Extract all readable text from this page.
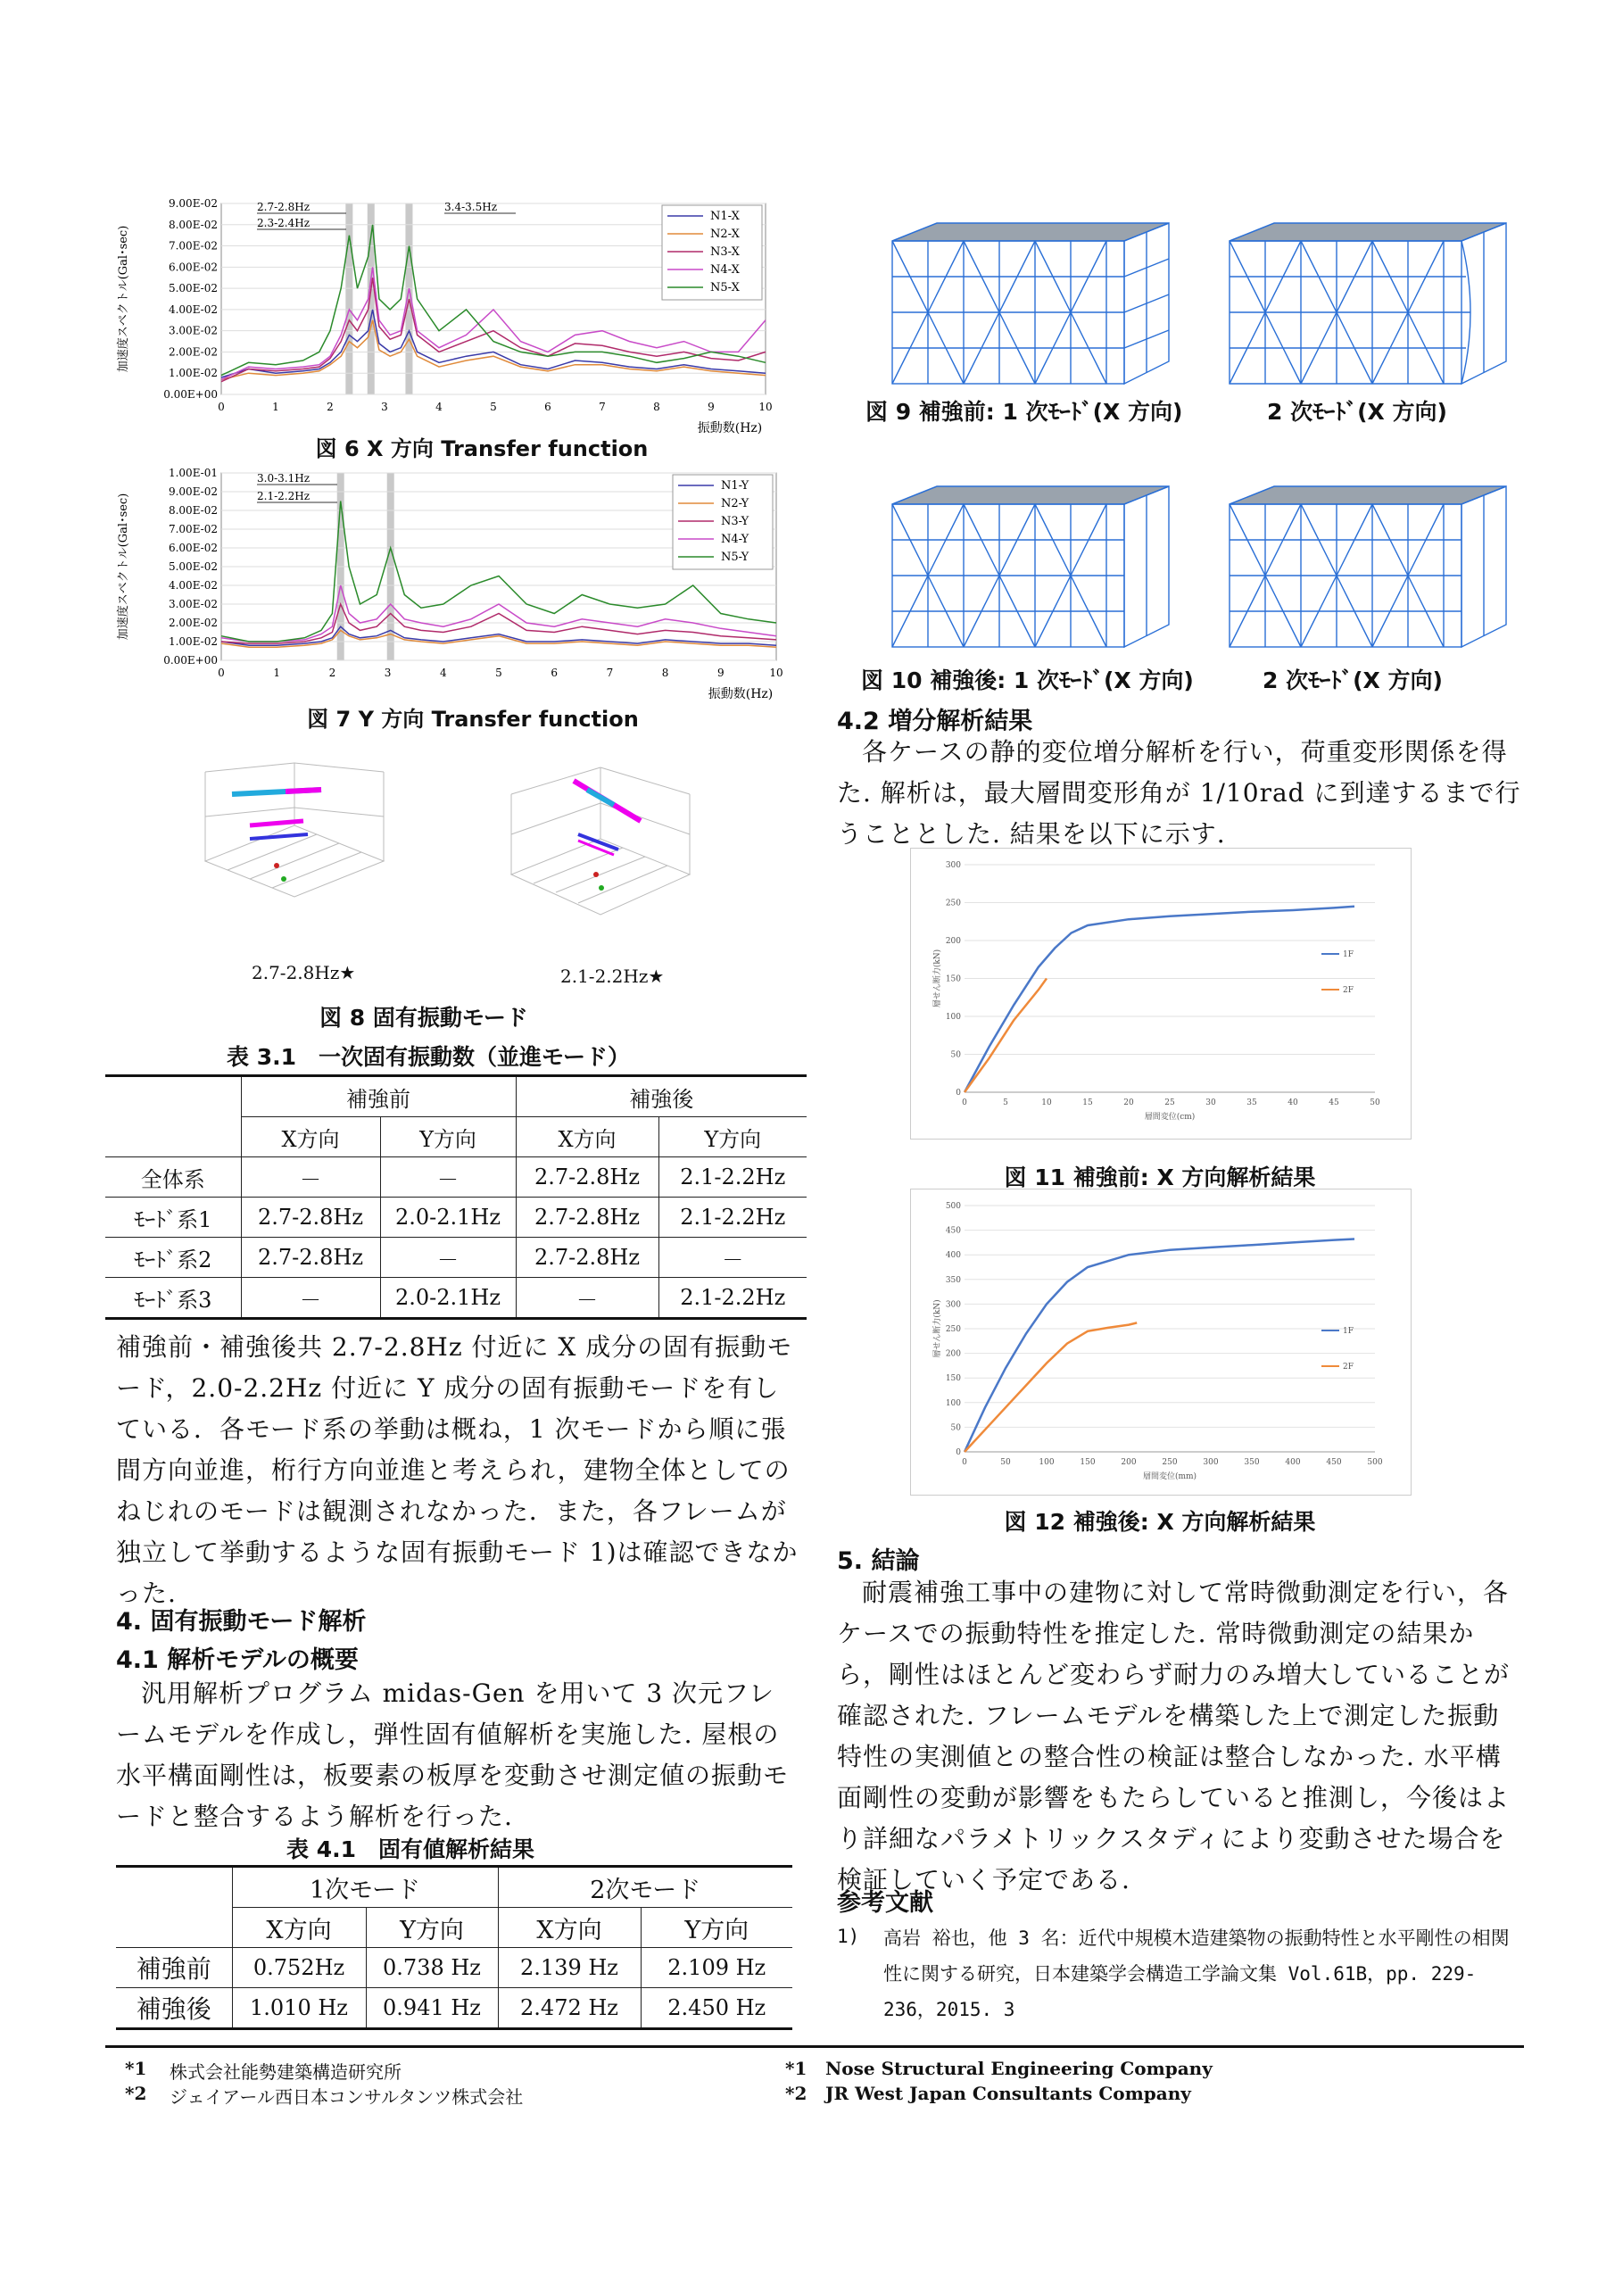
0.00E+00
1.00E-02
2.00E-02
3.00E-02
4.00E-02
5.00E-02
6.00E-02
7.00E-02
8.00E-02
9.00E-02
0	1	2	3	4	5	6	7	8	9	10
N1-X
N2-X
N3-X
N4-X
N5-X
2.7-2.8Hz
2.3-2.4Hz
3.4-3.5Hz
加速度スペクトル(Gal･sec)
振動数(Hz)
図 6 X 方向 Transfer function
0.00E+00
1.00E-02
2.00E-02
3.00E-02
4.00E-02
5.00E-02
6.00E-02
7.00E-02
8.00E-02
9.00E-02
1.00E-01
0	1	2	3	4	5	6	7	8	9	10
N1-Y
N2-Y
N3-Y
N4-Y
N5-Y
3.0-3.1Hz
2.1-2.2Hz
加速度スペクトル(Gal･sec)
振動数(Hz)
図 7 Y 方向 Transfer function
2.7-2.8Hz★	2.1-2.2Hz★
図 8 固有振動モード
表 3.1　一次固有振動数（並進モード）
	補強前		補強後	
	X方向	Y方向	X方向	Y方向
全体系	－	－	2.7-2.8Hz	2.1-2.2Hz
ﾓｰﾄﾞ系1	2.7-2.8Hz	2.0-2.1Hz	2.7-2.8Hz	2.1-2.2Hz
ﾓｰﾄﾞ系2	2.7-2.8Hz	－	2.7-2.8Hz	－
ﾓｰﾄﾞ系3	－	2.0-2.1Hz	－	2.1-2.2Hz
補強前・補強後共 2.7-2.8Hz 付近に X 成分の固有振動モード，2.0-2.2Hz 付近に Y 成分の固有振動モードを有している．各モード系の挙動は概ね，1 次モードから順に張間方向並進，桁行方向並進と考えられ，建物全体としてのねじれのモードは観測されなかった．また，各フレームが独立して挙動するような固有振動モード 1)は確認できなかった.
4. 固有振動モード解析
4.1 解析モデルの概要
汎用解析プログラム midas-Gen を用いて 3 次元フレームモデルを作成し，弾性固有値解析を実施した. 屋根の水平構面剛性は，板要素の板厚を変動させ測定値の振動モードと整合するよう解析を行った.
表 4.1　固有値解析結果
	1次モード		2次モード	
	X方向	Y方向	X方向	Y方向
補強前	0.752Hz	0.738 Hz	2.139 Hz	2.109 Hz
補強後	1.010 Hz	0.941 Hz	2.472 Hz	2.450 Hz
図 9 補強前: 1 次ﾓｰﾄﾞ(X 方向)	2 次ﾓｰﾄﾞ(X 方向)
図 10 補強後: 1 次ﾓｰﾄﾞ(X 方向)	2 次ﾓｰﾄﾞ(X 方向)
4.2 増分解析結果
各ケースの静的変位増分解析を行い，荷重変形関係を得た. 解析は，最大層間変形角が 1/10rad に到達するまで行うこととした. 結果を以下に示す.
0
50
100
150
200
250
300
0	5	10	15	20	25	30	35	40	45	50
1F
2F
層せん断力(kN)
層間変位(cm)
図 11 補強前: X 方向解析結果
0
50
100
150
200
250
300
350
400
450
500
0	50	100	150	200	250	300	350	400	450	500
1F
2F
層せん断力(kN)
層間変位(mm)
図 12 補強後: X 方向解析結果
5. 結論
耐震補強工事中の建物に対して常時微動測定を行い，各ケースでの振動特性を推定した. 常時微動測定の結果から，剛性はほとんど変わらず耐力のみ増大していることが確認された. フレームモデルを構築した上で測定した振動特性の実測値との整合性の検証は整合しなかった. 水平構面剛性の変動が影響をもたらしていると推測し，今後はより詳細なパラメトリックスタディにより変動させた場合を検証していく予定である.
参考文献
1) 高岩 裕也，他 3 名：近代中規模木造建築物の振動特性と水平剛性の相関性に関する研究，日本建築学会構造工学論文集 Vol.61B，pp. 229-236，2015. 3
*1 株式会社能勢建築構造研究所
*2 ジェイアール西日本コンサルタンツ株式会社
*1 Nose Structural Engineering Company
*2 JR West Japan Consultants Company
